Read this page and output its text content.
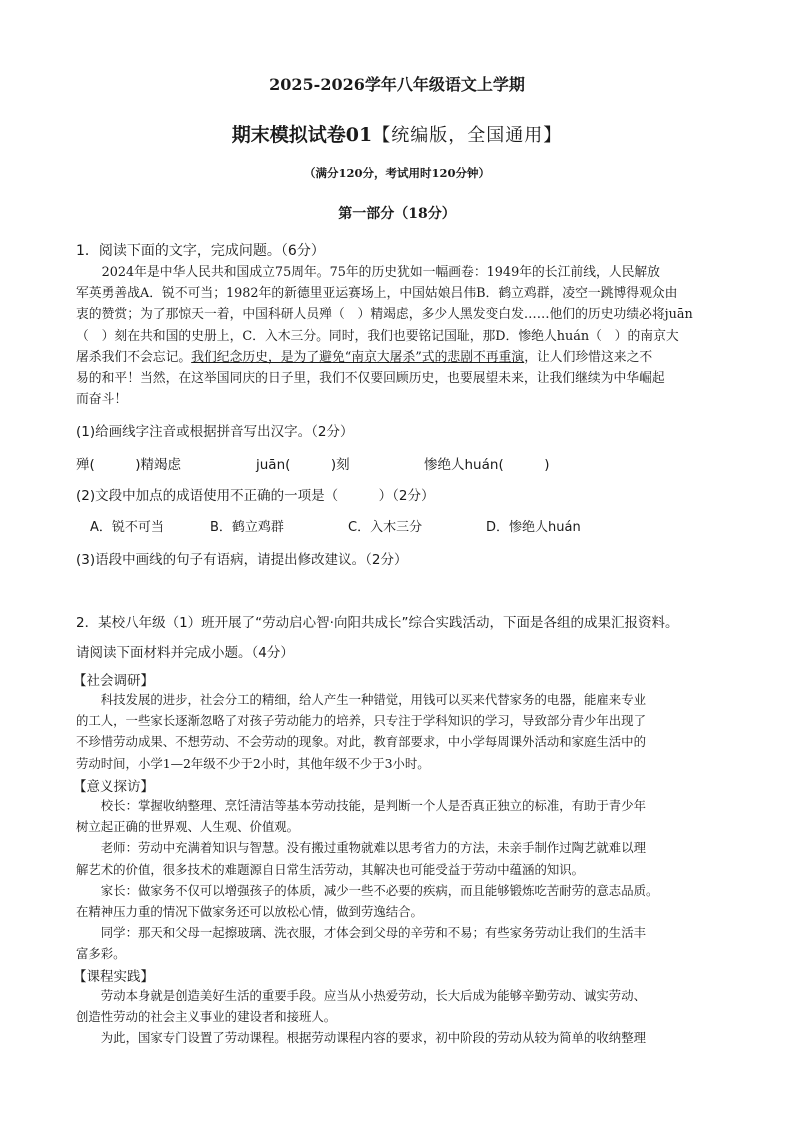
2025-2026学年八年级语文上学期
期末模拟试卷01【统编版，全国通用】
（满分120分，考试用时120分钟）
第一部分（18分）
1．阅读下面的文字，完成问题。（6分）

2024年是中华人民共和国成立75周年。75年的历史犹如一幅画卷：1949年的长江前线，人民解放

军英勇善战A．锐不可当；1982年的新德里亚运赛场上，中国姑娘吕伟B．鹤立鸡群，凌空一跳博得观众由
衷的赞赏；为了那惊天一着，中国科研人员殚（　）精竭虑，多少人黑发变白发……他们的历史功绩必将juān
（　）刻在共和国的史册上，C．入木三分。同时，我们也要铭记国耻，那D．惨绝人huán（　）的南京大
屠杀我们不会忘记。我们纪念历史，是为了避免“南京大屠杀”式的悲剧不再重演，让人们珍惜这来之不
易的和平！当然，在这举国同庆的日子里，我们不仅要回顾历史，也要展望未来，让我们继续为中华崛起
而奋斗！
(1)给画线字注音或根据拼音写出汉字。（2分）
殚(　　　)精竭虑	juān(　　　)刻	惨绝人huán(　　　)
(2)文段中加点的成语使用不正确的一项是（　　　）（2分）
A．锐不可当	B．鹤立鸡群	C．入木三分	D．惨绝人huán
(3)语段中画线的句子有语病，请提出修改建议。（2分）
2．某校八年级（1）班开展了“劳动启心智·向阳共成长”综合实践活动，下面是各组的成果汇报资料。
请阅读下面材料并完成小题。（4分）
【社会调研】

科技发展的进步，社会分工的精细，给人产生一种错觉，用钱可以买来代替家务的电器，能雇来专业

的工人，一些家长逐渐忽略了对孩子劳动能力的培养，只专注于学科知识的学习，导致部分青少年出现了
不珍惜劳动成果、不想劳动、不会劳动的现象。对此，教育部要求，中小学每周课外活动和家庭生活中的
劳动时间，小学1—2年级不少于2小时，其他年级不少于3小时。
【意义探访】

校长：掌握收纳整理、烹饪清洁等基本劳动技能，是判断一个人是否真正独立的标准，有助于青少年

树立起正确的世界观、人生观、价值观。

老师：劳动中充满着知识与智慧。没有搬过重物就难以思考省力的方法，未亲手制作过陶艺就难以理

解艺术的价值，很多技术的难题源自日常生活劳动，其解决也可能受益于劳动中蕴涵的知识。

家长：做家务不仅可以增强孩子的体质，减少一些不必要的疾病，而且能够锻炼吃苦耐劳的意志品质。

在精神压力重的情况下做家务还可以放松心情，做到劳逸结合。

同学：那天和父母一起擦玻璃、洗衣服，才体会到父母的辛劳和不易；有些家务劳动让我们的生活丰

富多彩。
【课程实践】

劳动本身就是创造美好生活的重要手段。应当从小热爱劳动，长大后成为能够辛勤劳动、诚实劳动、

创造性劳动的社会主义事业的建设者和接班人。

为此，国家专门设置了劳动课程。根据劳动课程内容的要求，初中阶段的劳动从较为简单的收纳整理
